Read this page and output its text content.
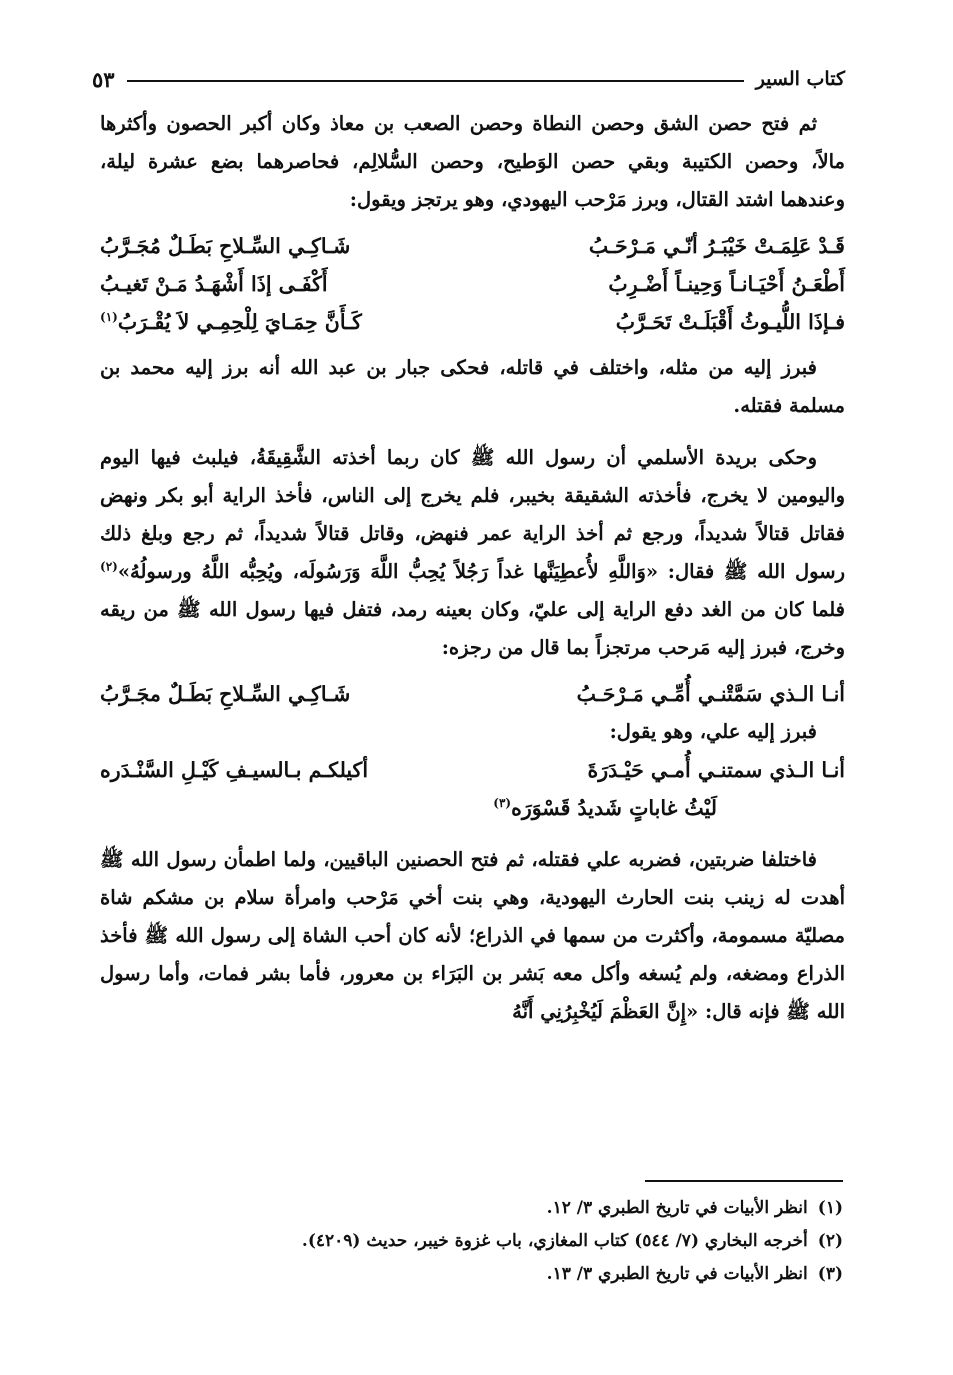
كتاب السير
٥٣

ثم فتح حصن الشق وحصن النطاة وحصن الصعب بن معاذ وكان أكبر الحصون وأكثرها مالاً، وحصن الكتيبة وبقي حصن الوَطيح، وحصن السُّلالِم، فحاصرهما بضع عشرة ليلة، وعندهما اشتد القتال، وبرز مَرْحب اليهودي، وهو يرتجز ويقول:

قَـدْ عَلِمَـتْ خَيْبَـرُ أنّـي مَـرْحَـبُ
شَـاكِـي السِّـلاحِ بَطَـلٌ مُجَـرَّبُ
أَطْعَـنُ أَحْيَـانـاً وَحِينـاً أَضْـرِبُ
أَكْفَـى إذَا أَشْهَـدُ مَـنْ تَغيـبُ
فـإذَا اللُّيـوثُ أَقْبَلَـتْ تَحَـرَّبُ
كَـأَنَّ حِمَـايَ لِلْحِمِـي لاَ يُقْـرَبُ$^{(١)}$

فبرز إليه من مثله، واختلف في قاتله، فحكى جبار بن عبد الله أنه برز إليه محمد بن مسلمة فقتله.

وحكى بريدة الأسلمي أن رسول الله ﷺ كان ربما أخذته الشَّقِيقَةُ، فيلبث فيها اليوم واليومين لا يخرج، فأخذته الشقيقة بخيبر، فلم يخرج إلى الناس، فأخذ الراية أبو بكر ونهض فقاتل قتالاً شديداً، ورجع ثم أخذ الراية عمر فنهض، وقاتل قتالاً شديداً، ثم رجع وبلغ ذلك رسول الله ﷺ فقال: «وَاللَّهِ لأُعطِيَنَّها غداً رَجُلاً يُحِبُّ اللَّهَ وَرَسُولَه، ويُحِبُّه اللَّهُ ورسولُهُ»$^{(٢)}$ فلما كان من الغد دفع الراية إلى عليّ، وكان بعينه رمد، فتفل فيها رسول الله ﷺ من ريقه وخرج، فبرز إليه مَرحب مرتجزاً بما قال من رجزه:

أنـا الـذي سَمَّتْنـي أُمِّـي مَـرْحَـبُ
شَـاكِـي السِّـلاحِ بَطَـلٌ مجَـرَّبُ

فبرز إليه علي، وهو يقول:

أنـا الـذي سمتنـي أُمـي حَيْـدَرَةَ
أكيلكـم بـالسيـفِ كَيْـلِ السَّنْـدَره
لَيْثُ غاباتٍ شَديدُ قَسْوَرَه$^{(٣)}$

فاختلفا ضربتين، فضربه علي فقتله، ثم فتح الحصنين الباقيين، ولما اطمأن رسول الله ﷺ أهدت له زينب بنت الحارث اليهودية، وهي بنت أخي مَرْحب وامرأة سلام بن مشكم شاة مصليّة مسمومة، وأكثرت من سمها في الذراع؛ لأنه كان أحب الشاة إلى رسول الله ﷺ فأخذ الذراع ومضغه، ولم يُسغه وأكل معه بَشر بن البَرَاء بن معرور، فأما بشر فمات، وأما رسول الله ﷺ فإنه قال: «إِنَّ العَظْمَ لَيُخْبِرُنِي أَنَّهُ

(١)انظر الأبيات في تاريخ الطبري ٣/ ١٢.

(٢)أخرجه البخاري (٧/ ٥٤٤) كتاب المغازي، باب غزوة خيبر، حديث (٤٢٠٩).

(٣)انظر الأبيات في تاريخ الطبري ٣/ ١٣.
